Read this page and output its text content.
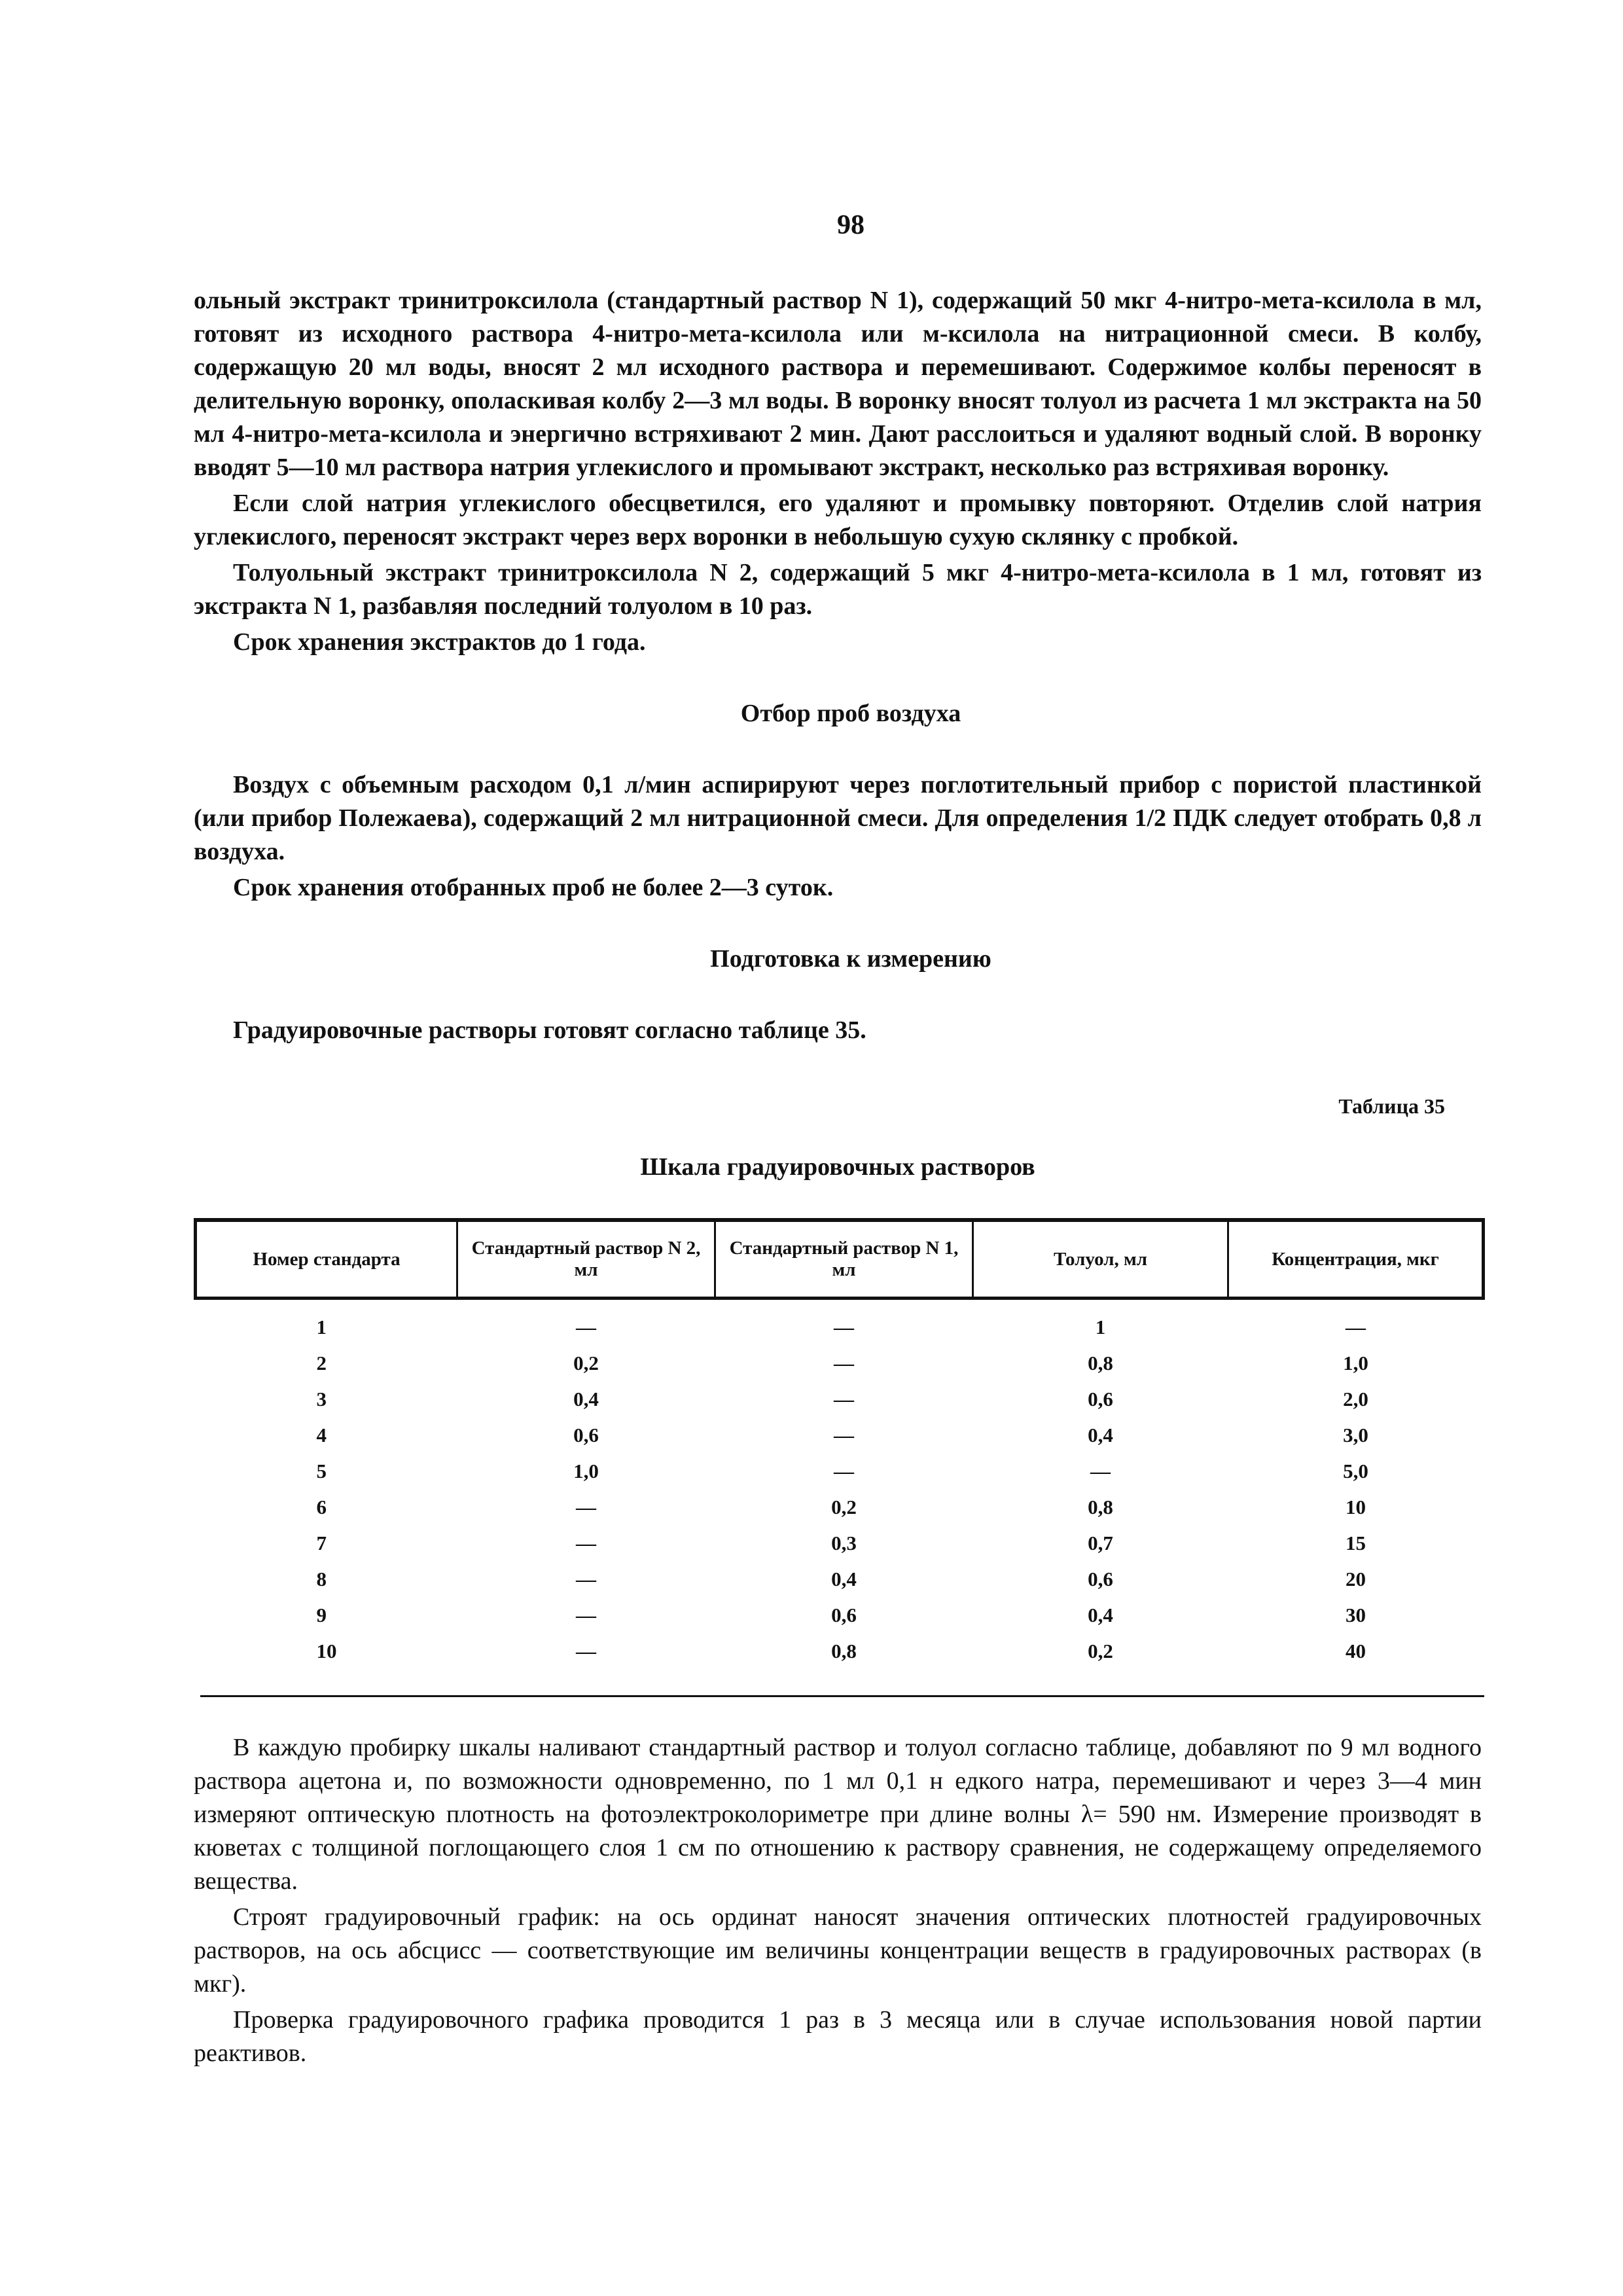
98

ольный экстракт тринитроксилола (стандартный раствор N 1), содержащий 50 мкг 4-нитро-мета-ксилола в мл, готовят из исходного раствора 4-нитро-мета-ксилола или м-ксилола на нитрационной смеси. В колбу, содержащую 20 мл воды, вносят 2 мл исходного раствора и перемешивают. Содержимое колбы переносят в делительную воронку, ополаскивая колбу 2—3 мл воды. В воронку вносят толуол из расчета 1 мл экстракта на 50 мл 4-нитро-мета-ксилола и энергично встряхивают 2 мин. Дают расслоиться и удаляют водный слой. В воронку вводят 5—10 мл раствора натрия углекислого и промывают экстракт, несколько раз встряхивая воронку.

Если слой натрия углекислого обесцветился, его удаляют и промывку повторяют. Отделив слой натрия углекислого, переносят экстракт через верх воронки в небольшую сухую склянку с пробкой.

Толуольный экстракт тринитроксилола N 2, содержащий 5 мкг 4-нитро-мета-ксилола в 1 мл, готовят из экстракта N 1, разбавляя последний толуолом в 10 раз.

Срок хранения экстрактов до 1 года.

Отбор проб воздуха

Воздух с объемным расходом 0,1 л/мин аспирируют через поглотительный прибор с пористой пластинкой (или прибор Полежаева), содержащий 2 мл нитрационной смеси. Для определения 1/2 ПДК следует отобрать 0,8 л воздуха.

Срок хранения отобранных проб не более 2—3 суток.

Подготовка к измерению

Градуировочные растворы готовят согласно таблице 35.

Таблица 35
Шкала градуировочных растворов
Номер стандарта	Стандартный раствор N 2, мл	Стандартный раствор N 1, мл	Толуол, мл	Концентрация, мкг
1	—	—	1	—
2	0,2	—	0,8	1,0
3	0,4	—	0,6	2,0
4	0,6	—	0,4	3,0
5	1,0	—	—	5,0
6	—	0,2	0,8	10
7	—	0,3	0,7	15
8	—	0,4	0,6	20
9	—	0,6	0,4	30
10	—	0,8	0,2	40

В каждую пробирку шкалы наливают стандартный раствор и толуол согласно таблице, добавляют по 9 мл водного раствора ацетона и, по возможности одновременно, по 1 мл 0,1 н едкого натра, перемешивают и через 3—4 мин измеряют оптическую плотность на фотоэлектроколориметре при длине волны λ= 590 нм. Измерение производят в кюветах с толщиной поглощающего слоя 1 см по отношению к раствору сравнения, не содержащему определяемого вещества.

Строят градуировочный график: на ось ординат наносят значения оптических плотностей градуировочных растворов, на ось абсцисс — соответствующие им величины концентрации веществ в градуировочных растворах (в мкг).

Проверка градуировочного графика проводится 1 раз в 3 месяца или в случае использования новой партии реактивов.
